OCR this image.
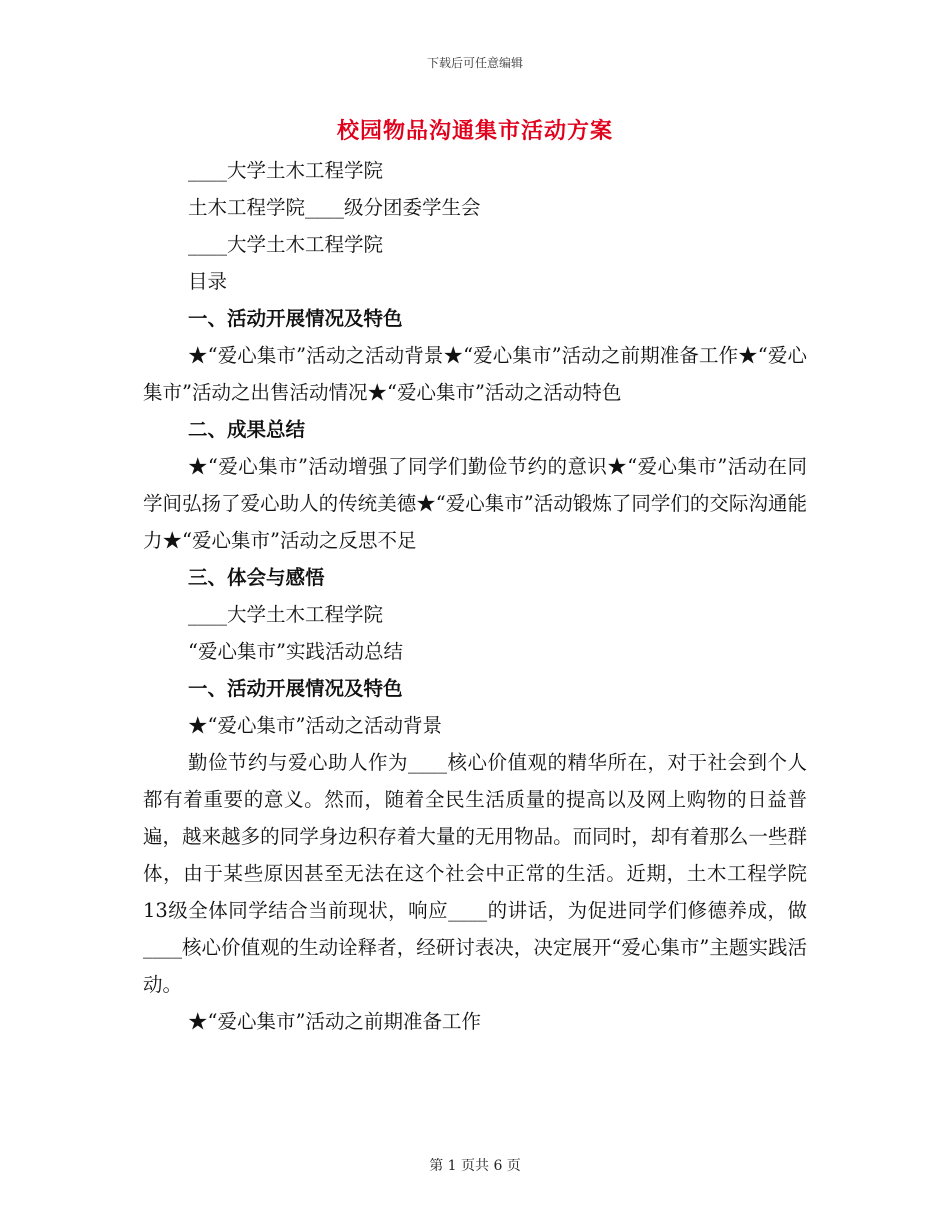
下载后可任意编辑
校园物品沟通集市活动方案
____大学土木工程学院
土木工程学院____级分团委学生会
____大学土木工程学院
目录
一、活动开展情况及特色
★“爱心集市”活动之活动背景★“爱心集市”活动之前期准备工作★“爱心集市”活动之出售活动情况★“爱心集市”活动之活动特色
二、成果总结
★“爱心集市”活动增强了同学们勤俭节约的意识★“爱心集市”活动在同学间弘扬了爱心助人的传统美德★“爱心集市”活动锻炼了同学们的交际沟通能力★“爱心集市”活动之反思不足
三、体会与感悟
____大学土木工程学院
“爱心集市”实践活动总结
一、活动开展情况及特色
★“爱心集市”活动之活动背景
勤俭节约与爱心助人作为____核心价值观的精华所在，对于社会到个人都有着重要的意义。然而，随着全民生活质量的提高以及网上购物的日益普遍，越来越多的同学身边积存着大量的无用物品。而同时，却有着那么一些群体，由于某些原因甚至无法在这个社会中正常的生活。近期，土木工程学院13级全体同学结合当前现状，响应____的讲话，为促进同学们修德养成，做____核心价值观的生动诠释者，经研讨表决，决定展开“爱心集市”主题实践活动。
★“爱心集市”活动之前期准备工作
第 1 页共 6 页
